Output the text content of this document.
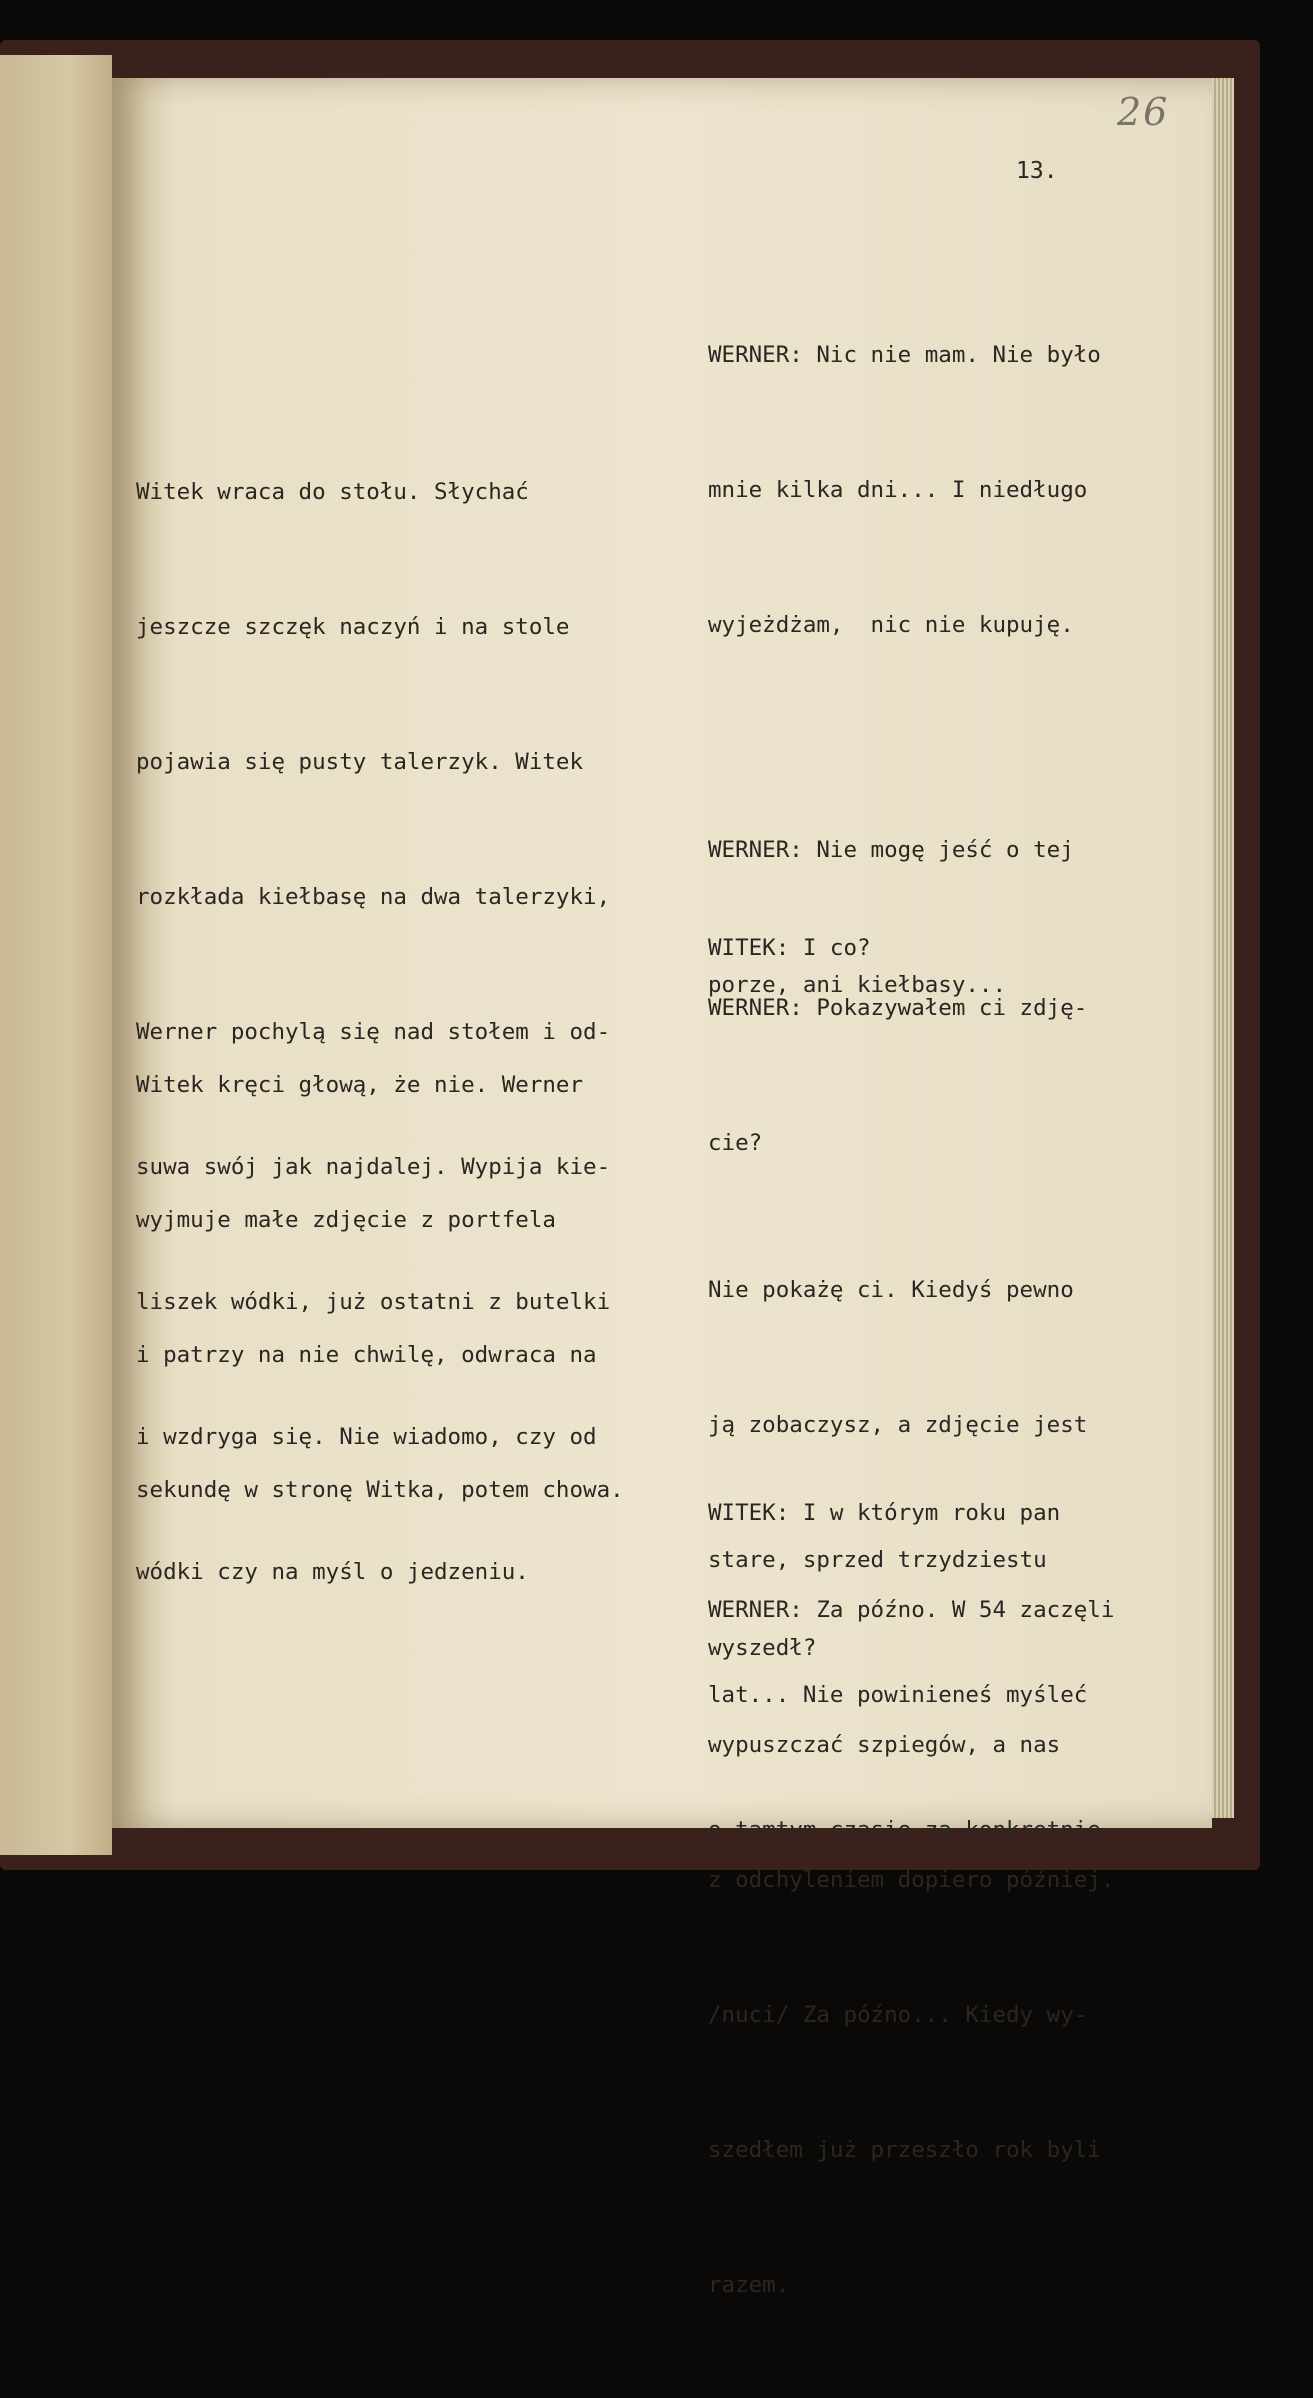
26
13.

WERNER: Nic nie mam. Nie było

mnie kilka dni... I niedługo

wyjeżdżam,  nic nie kupuję.

Witek wraca do stołu. Słychać

jeszcze szczęk naczyń i na stole

pojawia się pusty talerzyk. Witek

rozkłada kiełbasę na dwa talerzyki,

Werner pochylą się nad stołem i od-

suwa swój jak najdalej. Wypija kie-

liszek wódki, już ostatni z butelki

i wzdryga się. Nie wiadomo, czy od

wódki czy na myśl o jedzeniu.

WERNER: Nie mogę jeść o tej

porze, ani kiełbasy...

WITEK: I co?

WERNER: Pokazywałem ci zdję-

cie?

Witek kręci głową, że nie. Werner

wyjmuje małe zdjęcie z portfela

i patrzy na nie chwilę, odwraca na

sekundę w stronę Witka, potem chowa.

Nie pokażę ci. Kiedyś pewno

ją zobaczysz, a zdjęcie jest

stare, sprzed trzydziestu

lat... Nie powinieneś myśleć

o tamtym czasie za konkretnie.

WITEK: I w którym roku pan

wyszedł?

WERNER: Za późno. W 54 zaczęli

wypuszczać szpiegów, a nas

z odchyleniem dopiero później.

/nuci/ Za późno... Kiedy wy-

szedłem już przeszło rok byli

razem.
